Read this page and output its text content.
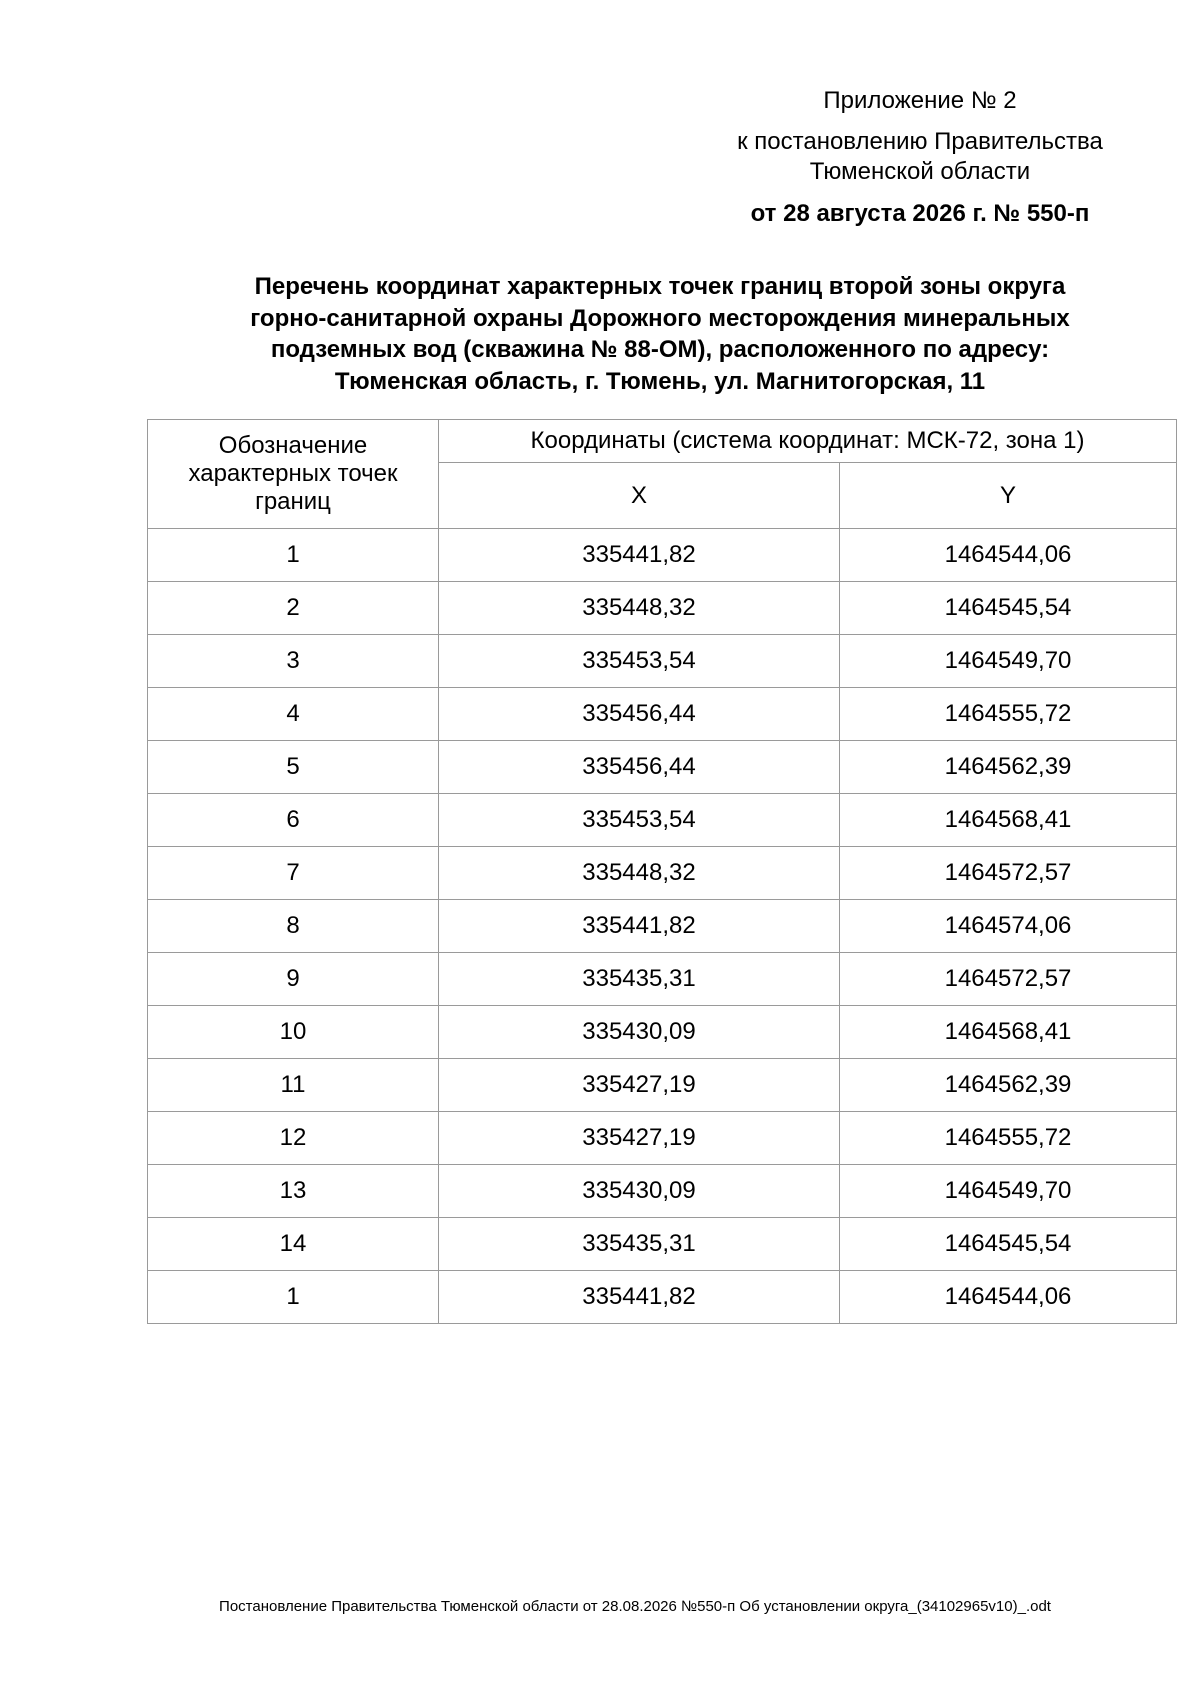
Приложение № 2
к постановлению Правительства
Тюменской области
от 28 августа 2026 г. № 550-п
Перечень координат характерных точек границ второй зоны округа
горно-санитарной охраны Дорожного месторождения минеральных
подземных вод (скважина № 88-ОМ), расположенного по адресу:
Тюменская область, г. Тюмень, ул. Магнитогорская, 11
Обозначение
характерных точек
границ	Координаты (система координат: МСК-72, зона 1)	
	X	Y
1	335441,82	1464544,06
2	335448,32	1464545,54
3	335453,54	1464549,70
4	335456,44	1464555,72
5	335456,44	1464562,39
6	335453,54	1464568,41
7	335448,32	1464572,57
8	335441,82	1464574,06
9	335435,31	1464572,57
10	335430,09	1464568,41
11	335427,19	1464562,39
12	335427,19	1464555,72
13	335430,09	1464549,70
14	335435,31	1464545,54
1	335441,82	1464544,06
Постановление Правительства Тюменской области от 28.08.2026 №550-п Об установлении округа_(34102965v10)_.odt
